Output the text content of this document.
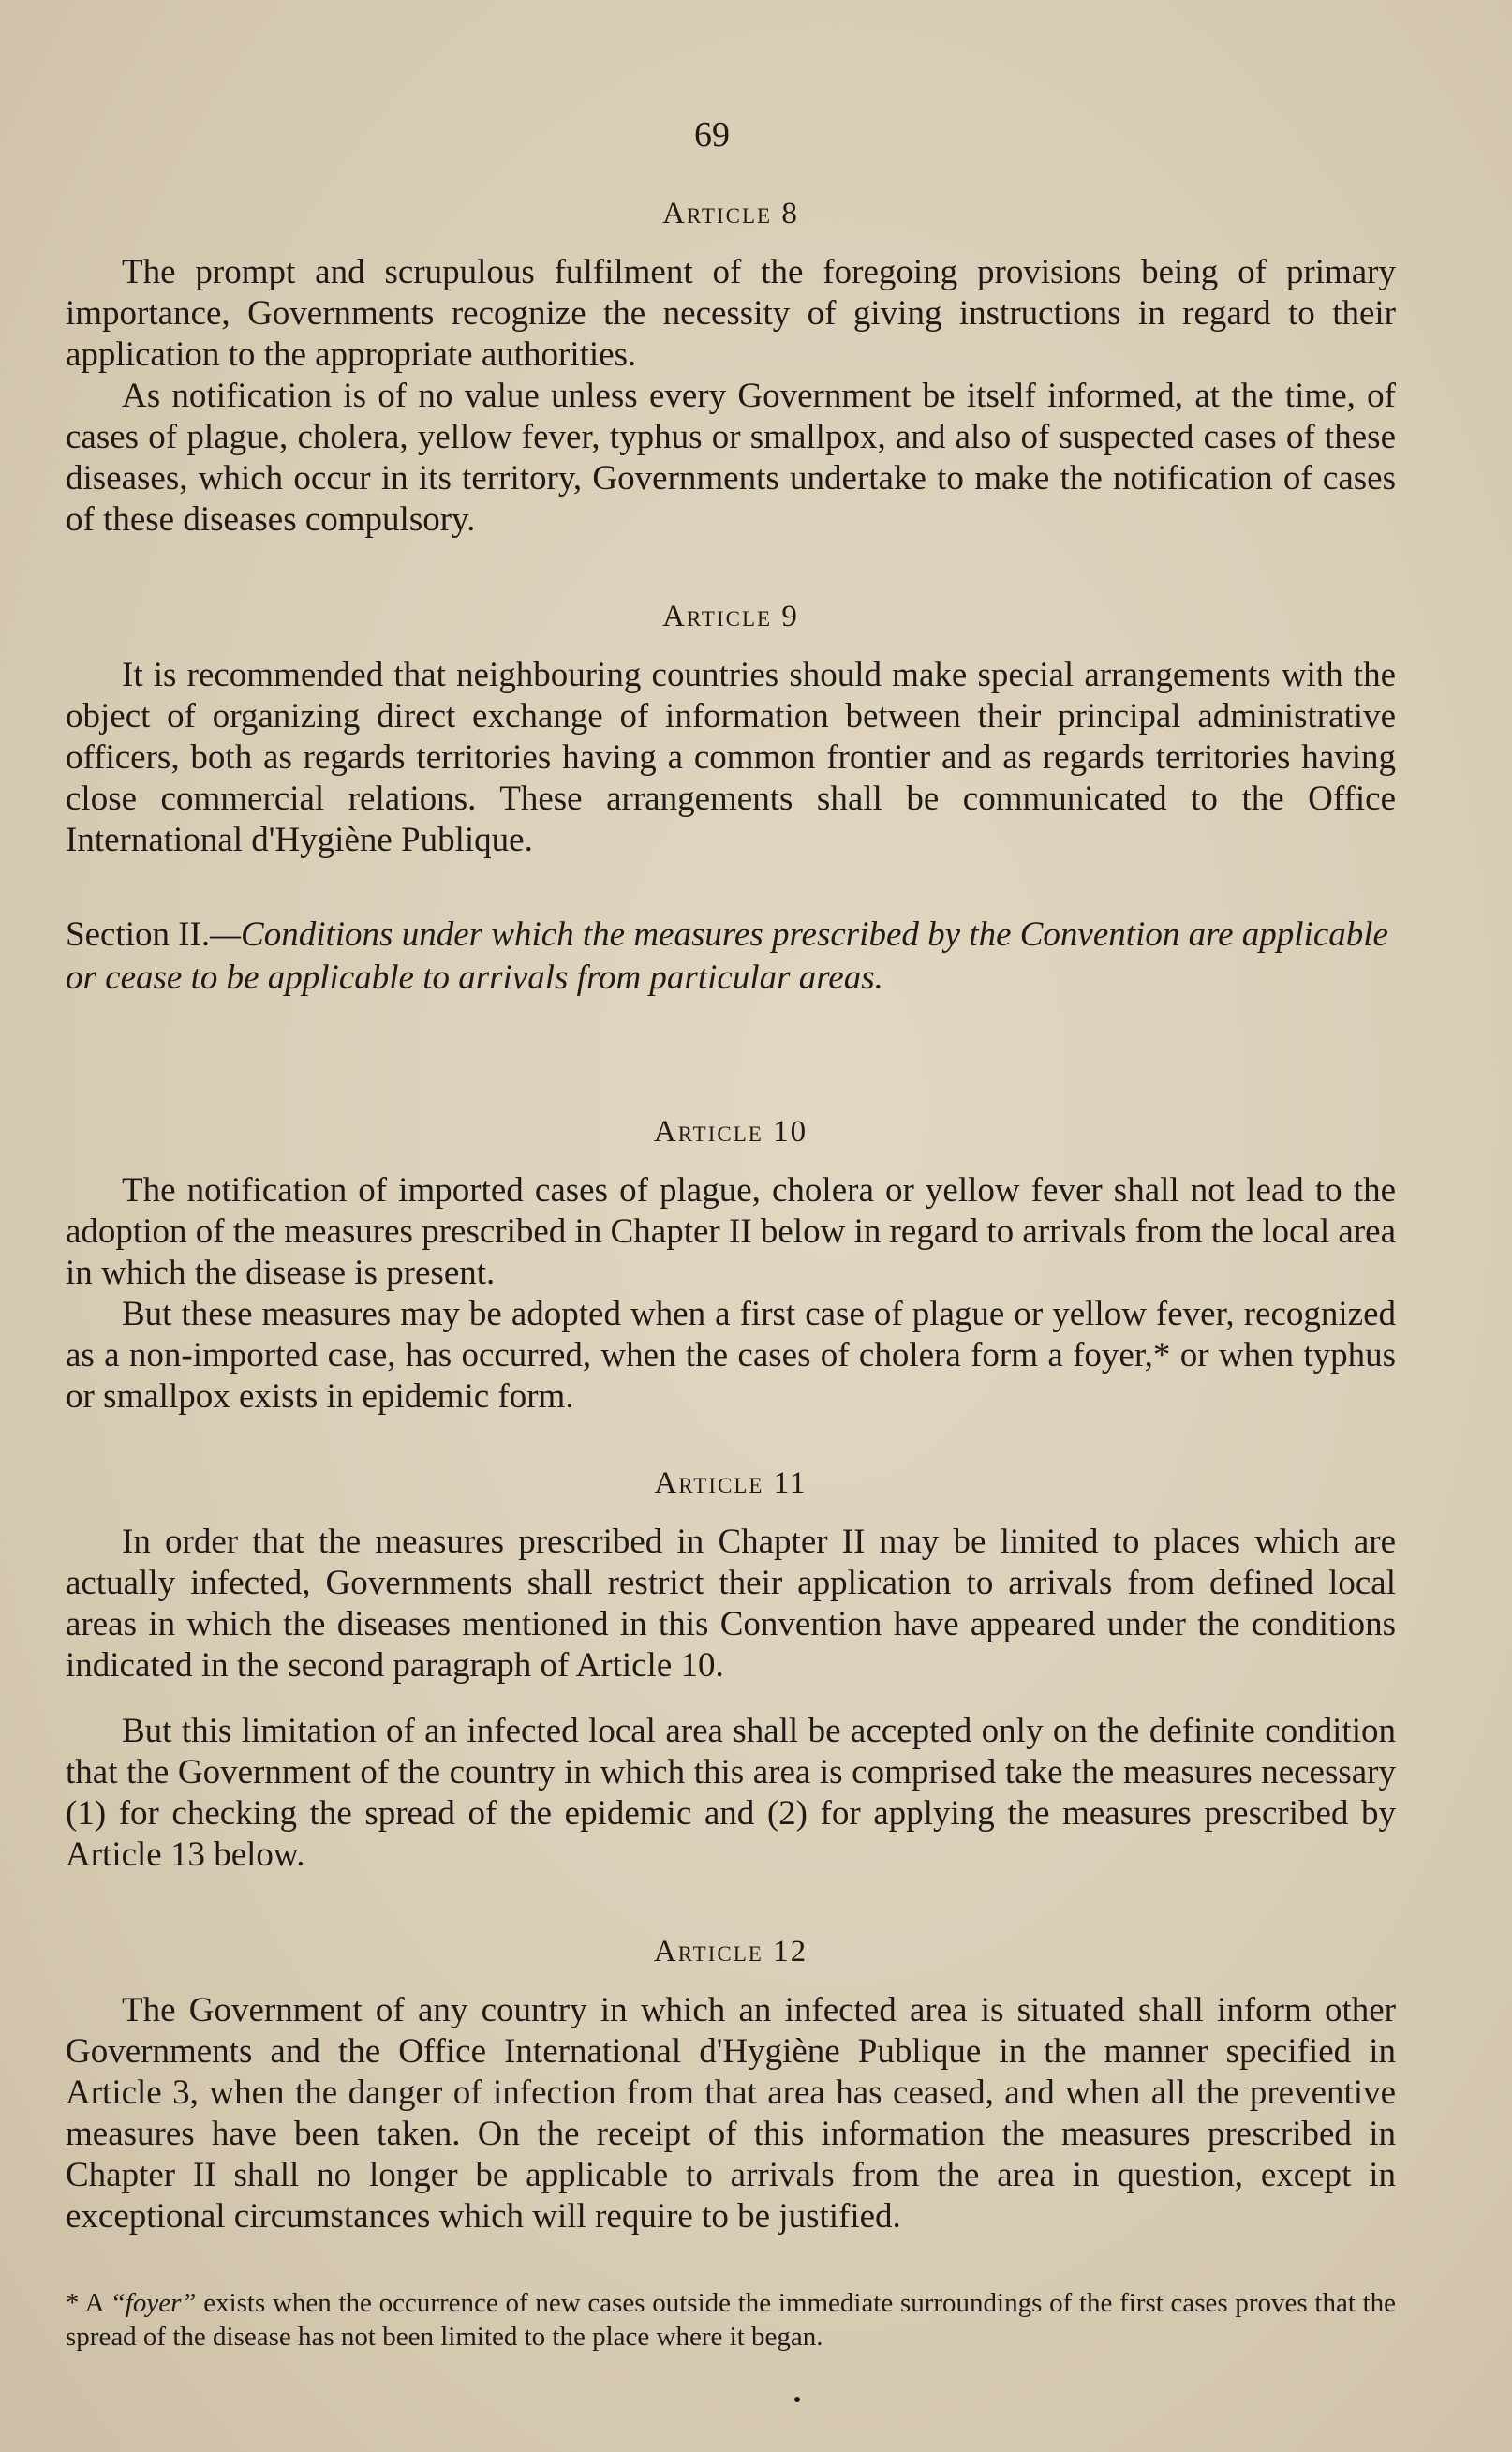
69
Article 8

The prompt and scrupulous fulfilment of the foregoing provisions being of primary importance, Governments recognize the necessity of giving instructions in regard to their application to the appropriate authorities.

As notification is of no value unless every Government be itself informed, at the time, of cases of plague, cholera, yellow fever, typhus or smallpox, and also of suspected cases of these diseases, which occur in its territory, Governments undertake to make the notification of cases of these diseases compulsory.

Article 9

It is recommended that neighbouring countries should make special arrangements with the object of organizing direct exchange of information between their principal administrative officers, both as regards territories having a common frontier and as regards territories having close commercial relations. These arrangements shall be communicated to the Office International d'Hygiène Publique.

Section II.—Conditions under which the measures prescribed by the Convention are applicable or cease to be applicable to arrivals from particular areas.

Article 10

The notification of imported cases of plague, cholera or yellow fever shall not lead to the adoption of the measures prescribed in Chapter II below in regard to arrivals from the local area in which the disease is present.

But these measures may be adopted when a first case of plague or yellow fever, recognized as a non-imported case, has occurred, when the cases of cholera form a foyer,* or when typhus or smallpox exists in epidemic form.

Article 11

In order that the measures prescribed in Chapter II may be limited to places which are actually infected, Governments shall restrict their application to arrivals from defined local areas in which the diseases mentioned in this Convention have appeared under the conditions indicated in the second paragraph of Article 10.

But this limitation of an infected local area shall be accepted only on the definite condition that the Government of the country in which this area is comprised take the measures necessary (1) for checking the spread of the epidemic and (2) for applying the measures prescribed by Article 13 below.

Article 12

The Government of any country in which an infected area is situated shall inform other Governments and the Office International d'Hygiène Publique in the manner specified in Article 3, when the danger of infection from that area has ceased, and when all the preventive measures have been taken. On the receipt of this information the measures prescribed in Chapter II shall no longer be applicable to arrivals from the area in question, except in exceptional circumstances which will require to be justified.

* A “foyer” exists when the occurrence of new cases outside the immediate surroundings of the first cases proves that the spread of the disease has not been limited to the place where it began.
